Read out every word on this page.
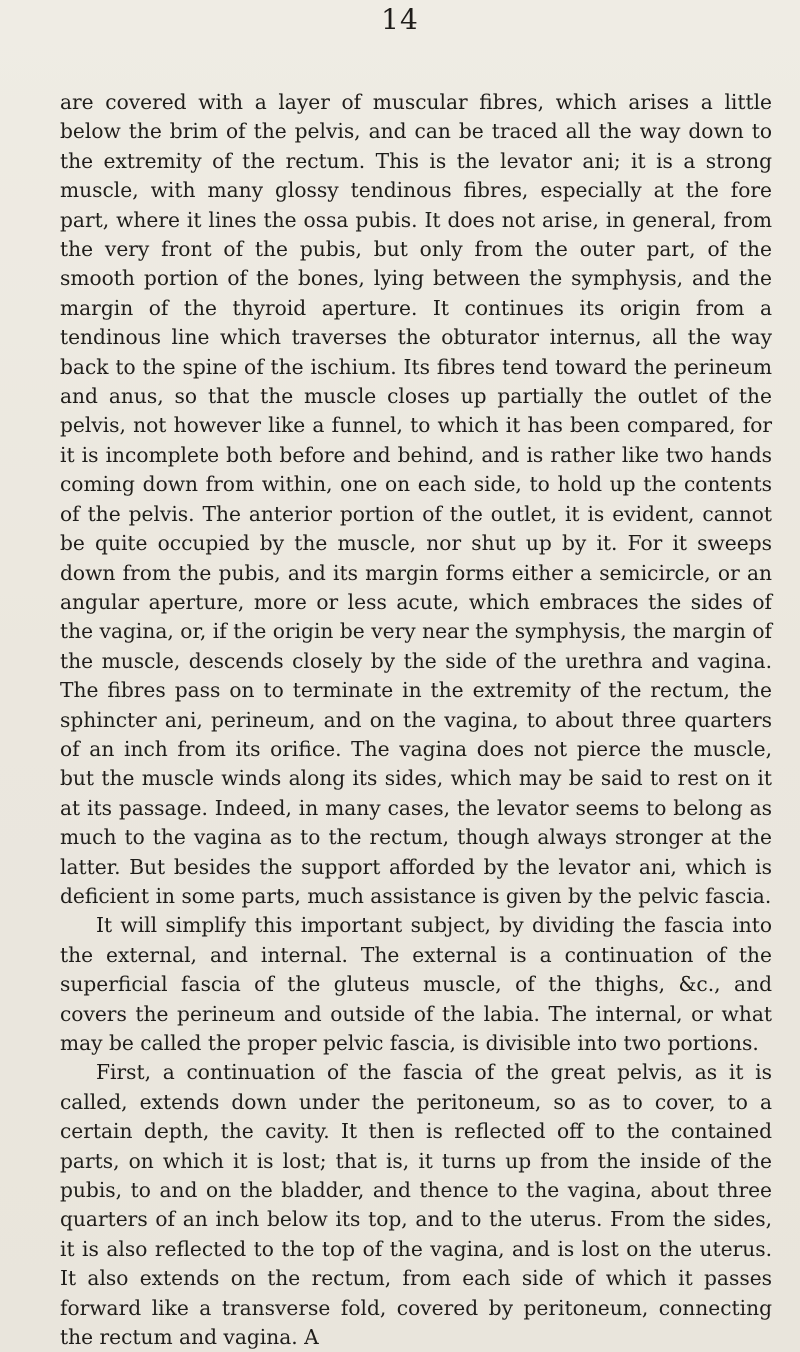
14

are covered with a layer of muscular fibres, which arises a little below the brim of the pelvis, and can be traced all the way down to the extremity of the rectum. This is the levator ani; it is a strong muscle, with many glossy tendinous fibres, especially at the fore part, where it lines the ossa pubis. It does not arise, in general, from the very front of the pubis, but only from the outer part, of the smooth portion of the bones, lying between the symphysis, and the margin of the thyroid aperture. It continues its origin from a tendinous line which traverses the obturator internus, all the way back to the spine of the ischium. Its fibres tend toward the perineum and anus, so that the muscle closes up partially the outlet of the pelvis, not however like a funnel, to which it has been compared, for it is incomplete both before and behind, and is rather like two hands coming down from within, one on each side, to hold up the contents of the pelvis. The anterior portion of the outlet, it is evident, cannot be quite occupied by the muscle, nor shut up by it. For it sweeps down from the pubis, and its margin forms either a semicircle, or an angular aperture, more or less acute, which embraces the sides of the vagina, or, if the origin be very near the symphysis, the margin of the muscle, descends closely by the side of the urethra and vagina. The fibres pass on to terminate in the extremity of the rectum, the sphincter ani, perineum, and on the vagina, to about three quarters of an inch from its orifice. The vagina does not pierce the muscle, but the muscle winds along its sides, which may be said to rest on it at its passage. Indeed, in many cases, the levator seems to belong as much to the vagina as to the rectum, though always stronger at the latter. But besides the support afforded by the levator ani, which is deficient in some parts, much assistance is given by the pelvic fascia.

It will simplify this important subject, by dividing the fascia into the external, and internal. The external is a continuation of the superficial fascia of the gluteus muscle, of the thighs, &c., and covers the perineum and outside of the labia. The internal, or what may be called the proper pelvic fascia, is divisible into two portions.

First, a continuation of the fascia of the great pelvis, as it is called, extends down under the peritoneum, so as to cover, to a certain depth, the cavity. It then is reflected off to the contained parts, on which it is lost; that is, it turns up from the inside of the pubis, to and on the bladder, and thence to the vagina, about three quarters of an inch below its top, and to the uterus. From the sides, it is also reflected to the top of the vagina, and is lost on the uterus. It also extends on the rectum, from each side of which it passes forward like a transverse fold, covered by peritoneum, connecting the rectum and vagina. A
